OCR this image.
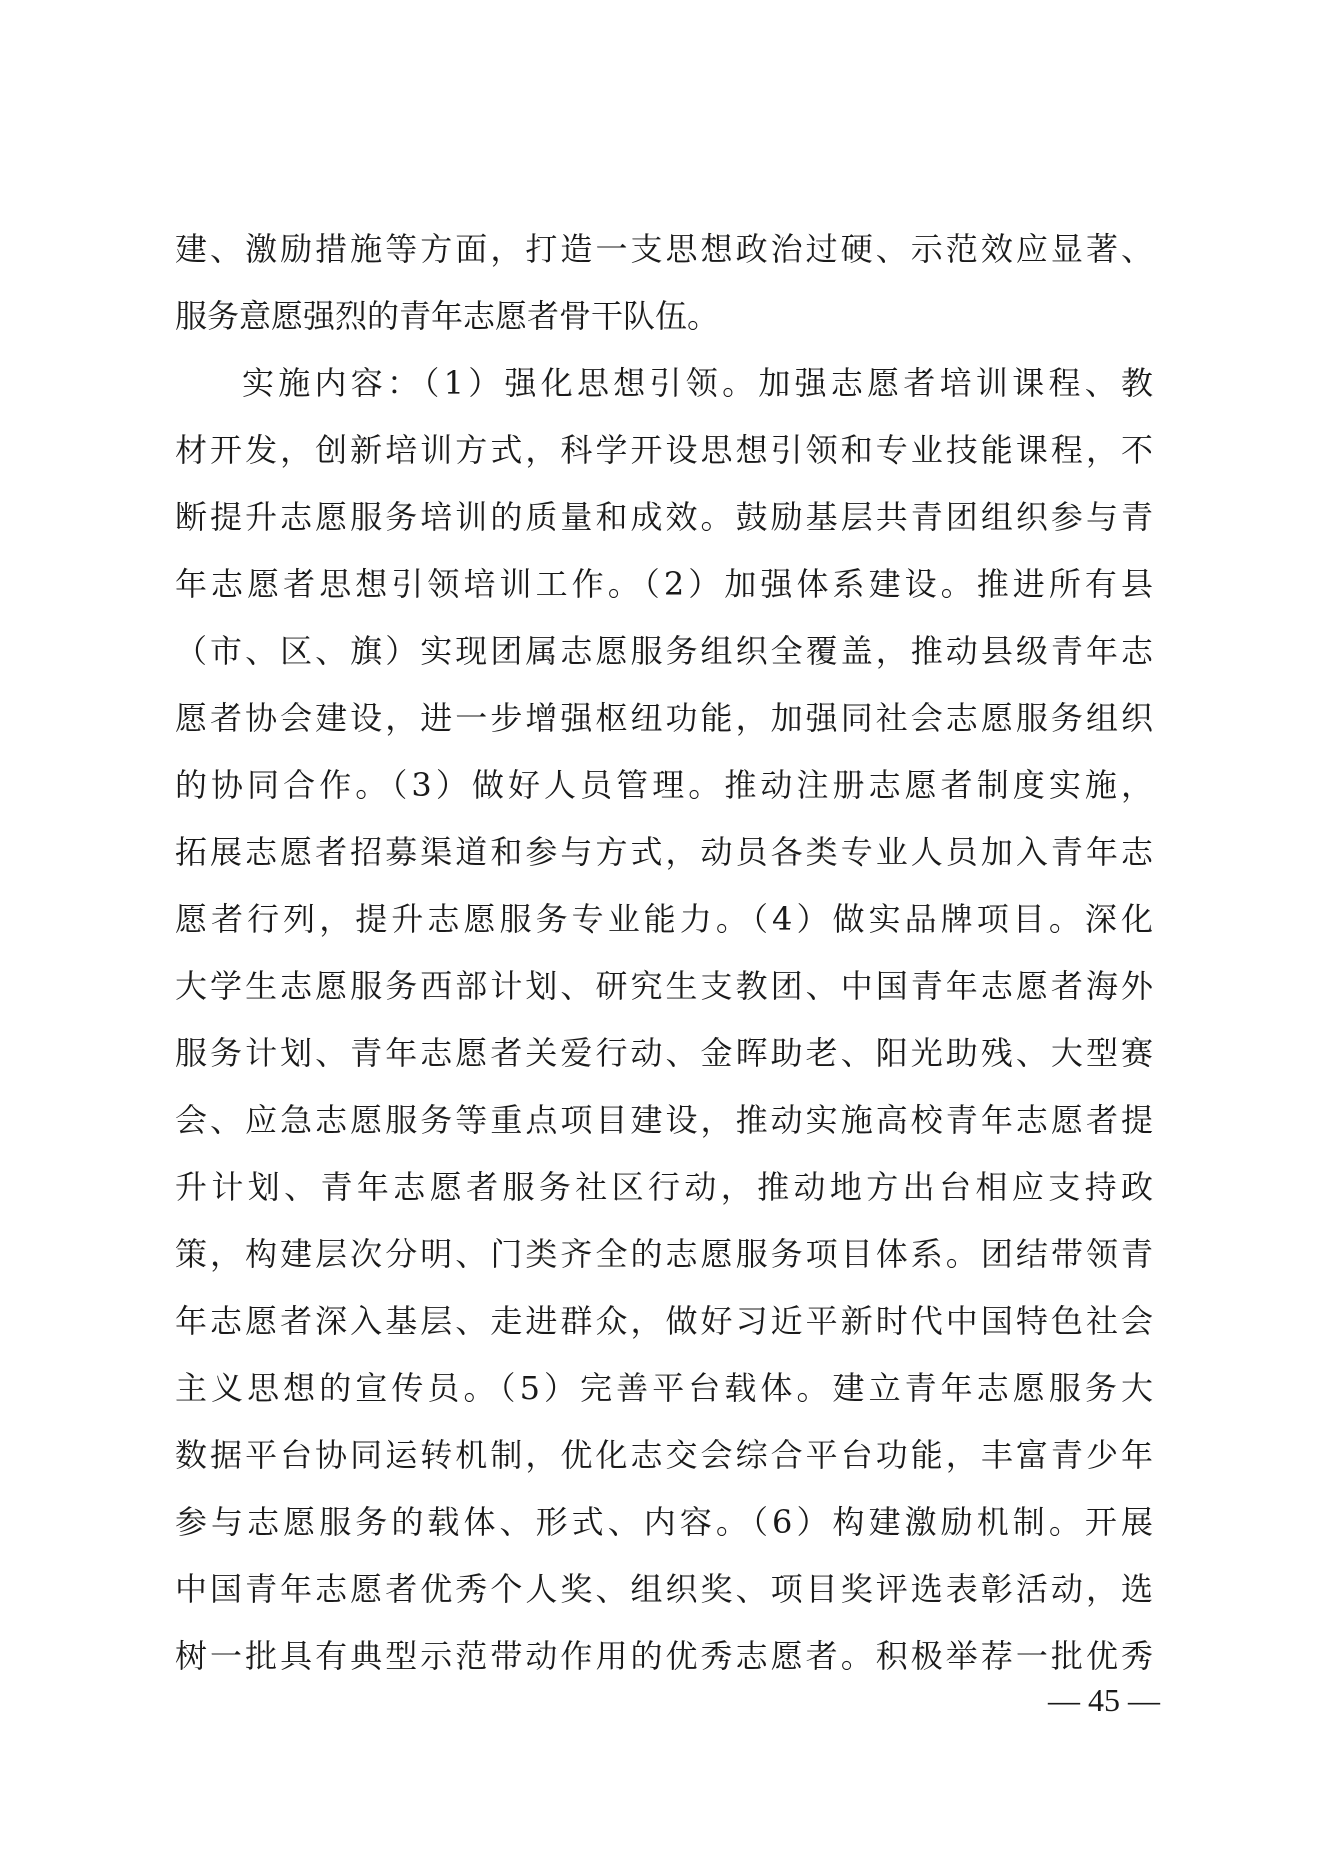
建、激励措施等方面，打造一支思想政治过硬、示范效应显著、
服务意愿强烈的青年志愿者骨干队伍。
实施内容：（1）强化思想引领。加强志愿者培训课程、教
材开发，创新培训方式，科学开设思想引领和专业技能课程，不
断提升志愿服务培训的质量和成效。鼓励基层共青团组织参与青
年志愿者思想引领培训工作。（2）加强体系建设。推进所有县
（市、区、旗）实现团属志愿服务组织全覆盖，推动县级青年志
愿者协会建设，进一步增强枢纽功能，加强同社会志愿服务组织
的协同合作。（3）做好人员管理。推动注册志愿者制度实施，
拓展志愿者招募渠道和参与方式，动员各类专业人员加入青年志
愿者行列，提升志愿服务专业能力。（4）做实品牌项目。深化
大学生志愿服务西部计划、研究生支教团、中国青年志愿者海外
服务计划、青年志愿者关爱行动、金晖助老、阳光助残、大型赛
会、应急志愿服务等重点项目建设，推动实施高校青年志愿者提
升计划、青年志愿者服务社区行动，推动地方出台相应支持政
策，构建层次分明、门类齐全的志愿服务项目体系。团结带领青
年志愿者深入基层、走进群众，做好习近平新时代中国特色社会
主义思想的宣传员。（5）完善平台载体。建立青年志愿服务大
数据平台协同运转机制，优化志交会综合平台功能，丰富青少年
参与志愿服务的载体、形式、内容。（6）构建激励机制。开展
中国青年志愿者优秀个人奖、组织奖、项目奖评选表彰活动，选
树一批具有典型示范带动作用的优秀志愿者。积极举荐一批优秀
— 45 —
